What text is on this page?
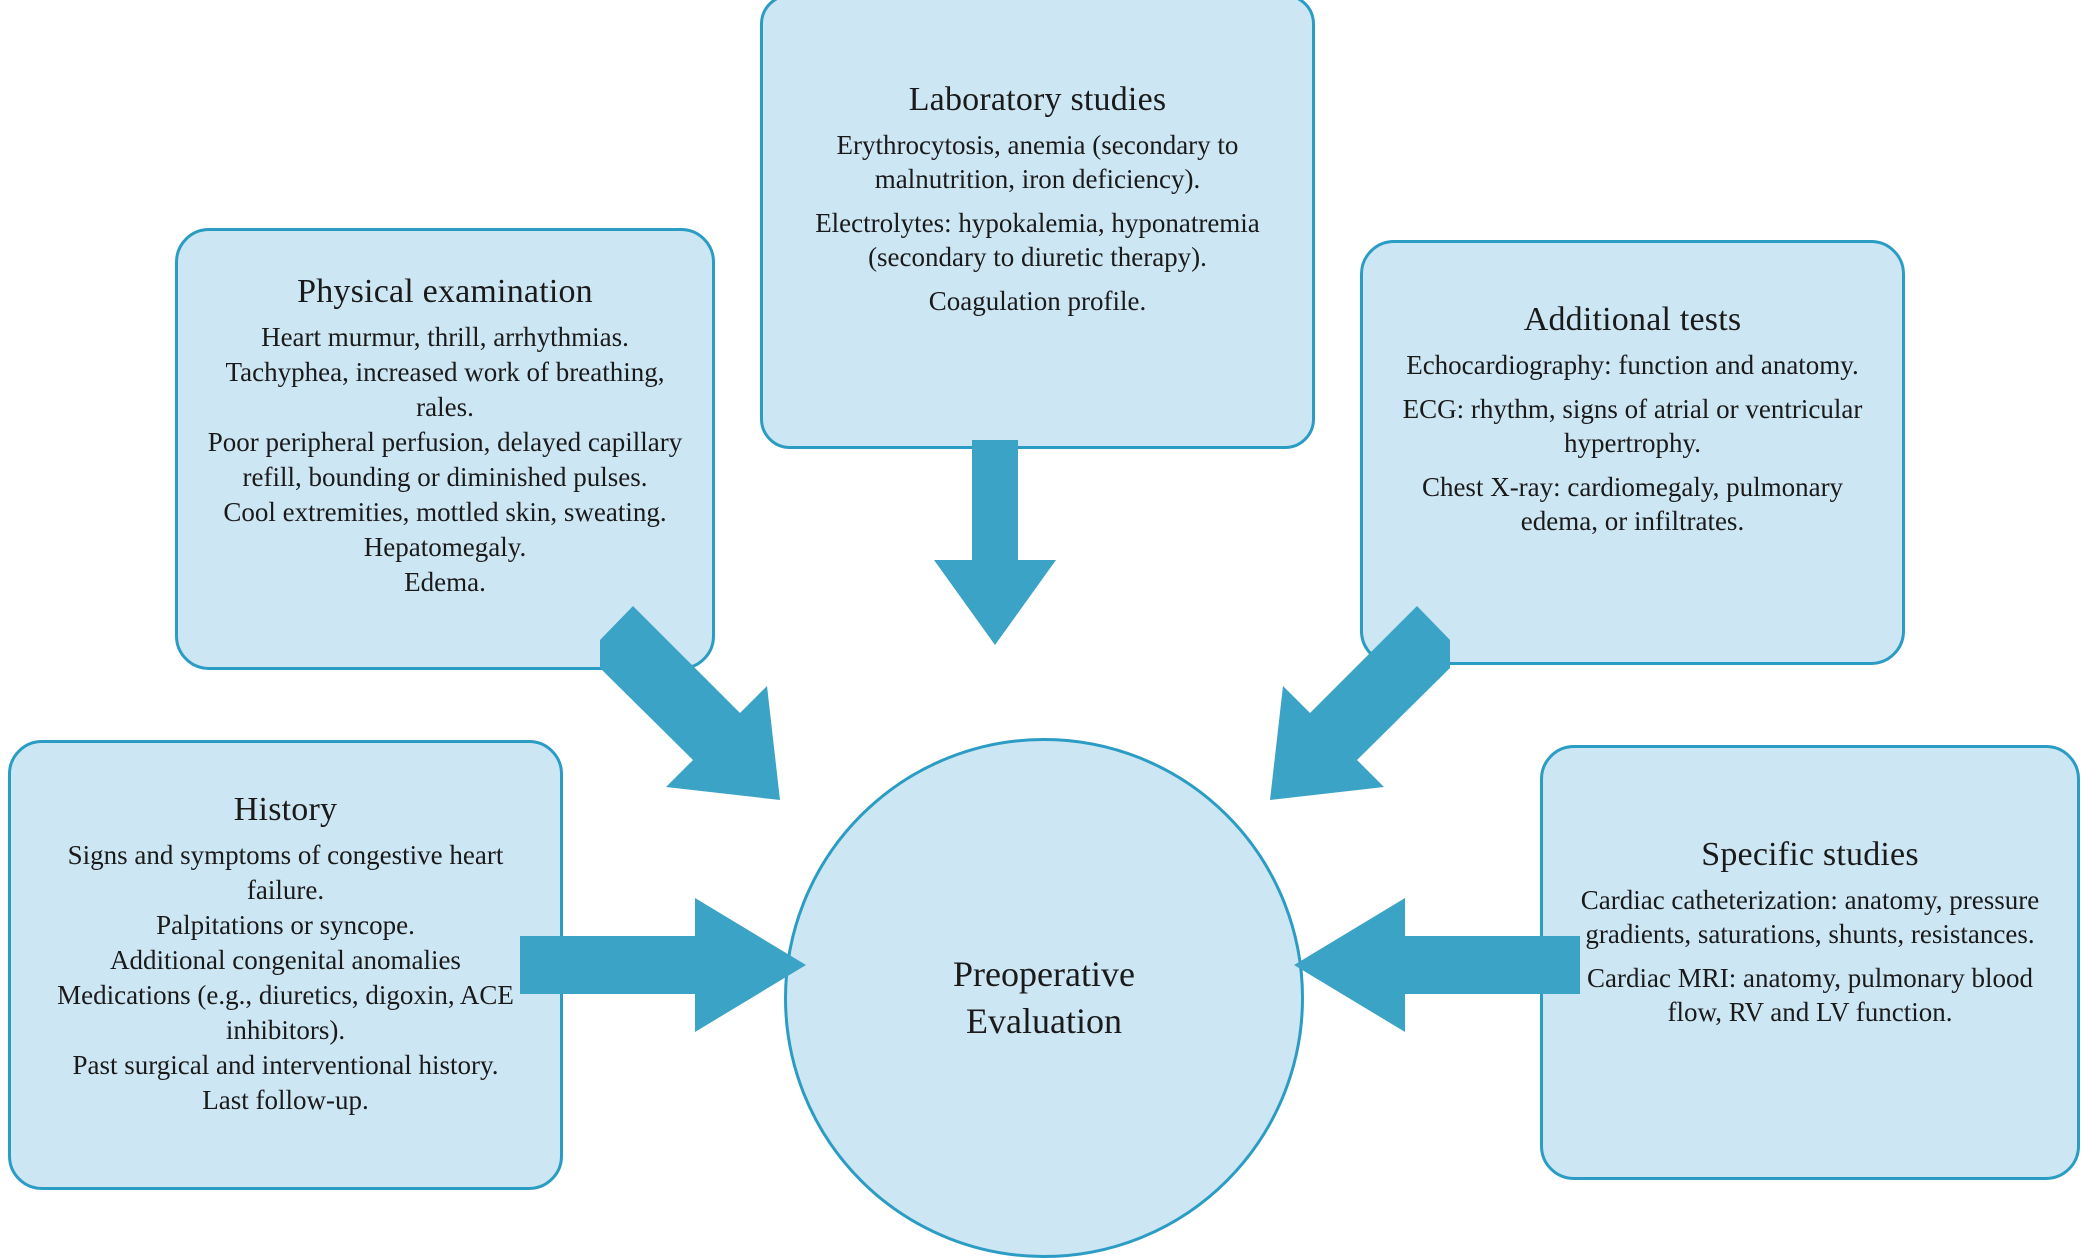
Laboratory studies

Erythrocytosis, anemia (secondary to malnutrition, iron deficiency).

Electrolytes: hypokalemia, hyponatremia (secondary to diuretic therapy).

Coagulation profile.

Physical examination

Heart murmur, thrill, arrhythmias.

Tachyphea, increased work of breathing, rales.

Poor peripheral perfusion, delayed capillary refill, bounding or diminished pulses.

Cool extremities, mottled skin, sweating.

Hepatomegaly.

Edema.

Additional tests

Echocardiography: function and anatomy.

ECG: rhythm, signs of atrial or ventricular hypertrophy.

Chest X-ray: cardiomegaly, pulmonary edema, or infiltrates.

History

Signs and symptoms of congestive heart failure.

Palpitations or syncope.

Additional congenital anomalies

Medications (e.g., diuretics, digoxin, ACE inhibitors).

Past surgical and interventional history.

Last follow-up.

Specific studies

Cardiac catheterization: anatomy, pressure gradients, saturations, shunts, resistances.

Cardiac MRI: anatomy, pulmonary blood flow, RV and LV function.

Preoperative
Evaluation
